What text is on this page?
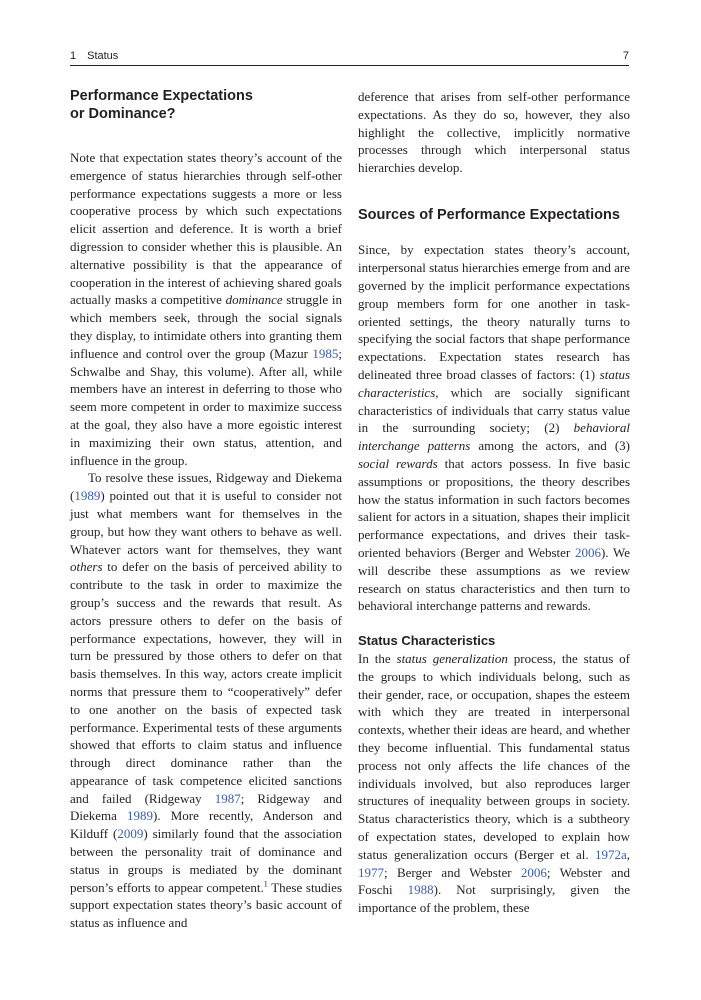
1 Status	7
Performance Expectations
or Dominance?

Note that expectation states theory’s account of the emergence of status hierarchies through self-other performance expectations suggests a more or less cooperative process by which such expectations elicit assertion and deference. It is worth a brief digression to consider whether this is plausible. An alternative possibility is that the appearance of cooperation in the interest of achieving shared goals actually masks a competitive dominance struggle in which members seek, through the social signals they display, to intimidate others into granting them influence and control over the group (Mazur 1985; Schwalbe and Shay, this volume). After all, while members have an interest in deferring to those who seem more competent in order to maximize success at the goal, they also have a more egoistic interest in maximizing their own status, attention, and influence in the group.

To resolve these issues, Ridgeway and Diekema (1989) pointed out that it is useful to consider not just what members want for themselves in the group, but how they want others to behave as well. Whatever actors want for themselves, they want others to defer on the basis of perceived ability to contribute to the task in order to maximize the group’s success and the rewards that result. As actors pressure others to defer on the basis of performance expectations, however, they will in turn be pressured by those others to defer on that basis themselves. In this way, actors create implicit norms that pressure them to “cooperatively” defer to one another on the basis of expected task performance. Experimental tests of these arguments showed that efforts to claim status and influence through direct dominance rather than the appearance of task competence elicited sanctions and failed (Ridgeway 1987; Ridgeway and Diekema 1989). More recently, Anderson and Kilduff (2009) similarly found that the association between the personality trait of dominance and status in groups is mediated by the dominant person’s efforts to appear competent.$^1$ These studies support expectation states theory’s basic account of status as influence and

deference that arises from self-other performance expectations. As they do so, however, they also highlight the collective, implicitly normative processes through which interpersonal status hierarchies develop.

Sources of Performance Expectations

Since, by expectation states theory’s account, interpersonal status hierarchies emerge from and are governed by the implicit performance expectations group members form for one another in task-oriented settings, the theory naturally turns to specifying the social factors that shape performance expectations. Expectation states research has delineated three broad classes of factors: (1) status characteristics, which are socially significant characteristics of individuals that carry status value in the surrounding society; (2) behavioral interchange patterns among the actors, and (3) social rewards that actors possess. In five basic assumptions or propositions, the theory describes how the status information in such factors becomes salient for actors in a situation, shapes their implicit performance expectations, and drives their task-oriented behaviors (Berger and Webster 2006). We will describe these assumptions as we review research on status characteristics and then turn to behavioral interchange patterns and rewards.

Status Characteristics

In the status generalization process, the status of the groups to which individuals belong, such as their gender, race, or occupation, shapes the esteem with which they are treated in interpersonal contexts, whether their ideas are heard, and whether they become influential. This fundamental status process not only affects the life chances of the individuals involved, but also reproduces larger structures of inequality between groups in society. Status characteristics theory, which is a subtheory of expectation states, developed to explain how status generalization occurs (Berger et al. 1972a, 1977; Berger and Webster 2006; Webster and Foschi 1988). Not surprisingly, given the importance of the problem, these
